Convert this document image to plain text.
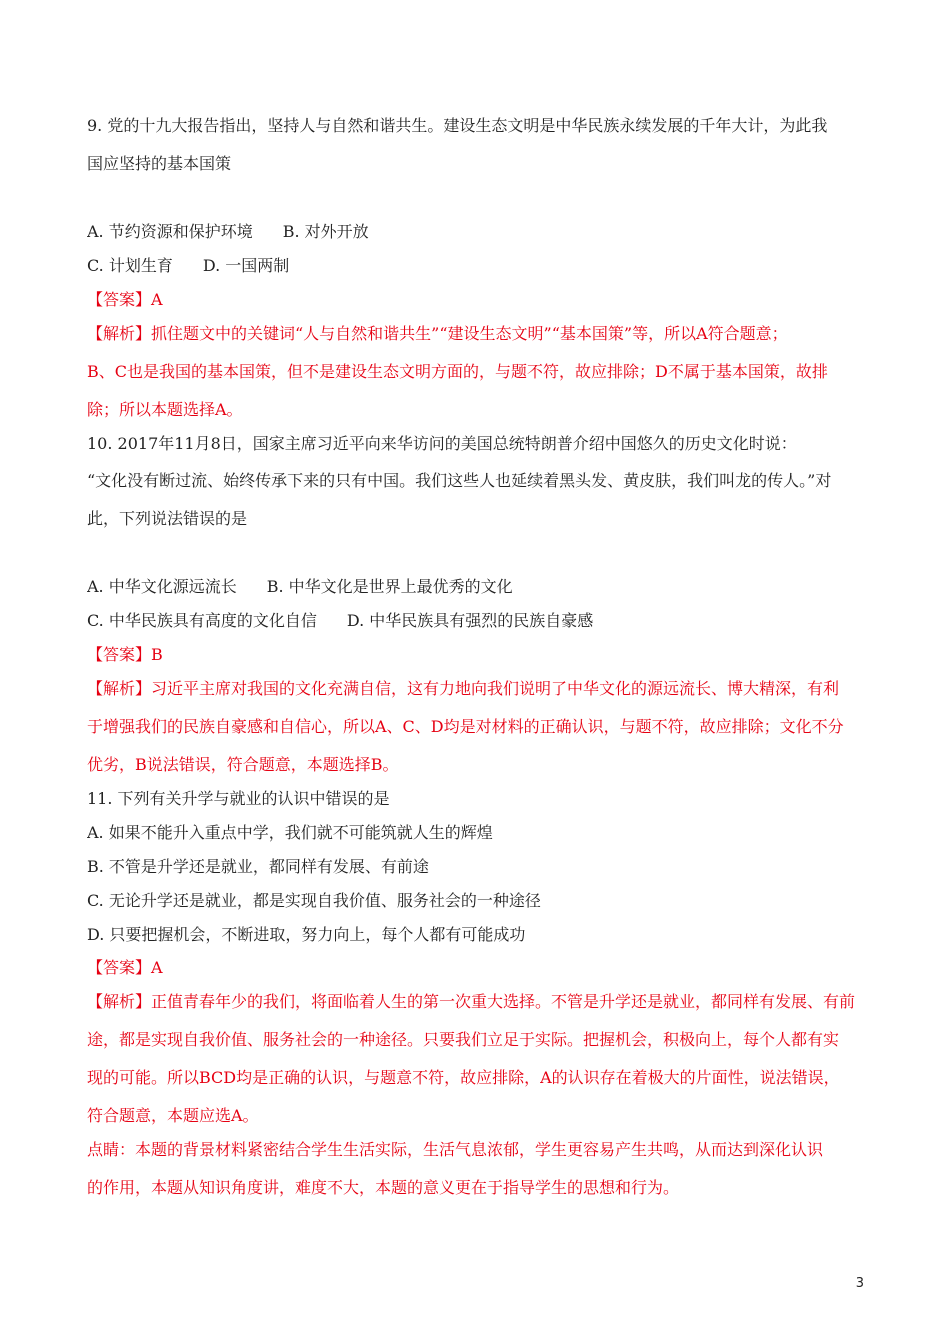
9. 党的十九大报告指出，坚持人与自然和谐共生。建设生态文明是中华民族永续发展的千年大计，为此我
国应坚持的基本国策
A. 节约资源和保护环境 B. 对外开放
C. 计划生育 D. 一国两制
【答案】A
【解析】抓住题文中的关键词“人与自然和谐共生”“建设生态文明”“基本国策”等，所以A符合题意；
B、C也是我国的基本国策，但不是建设生态文明方面的，与题不符，故应排除；D不属于基本国策，故排
除；所以本题选择A。
10. 2017年11月8日，国家主席习近平向来华访问的美国总统特朗普介绍中国悠久的历史文化时说：
“文化没有断过流、始终传承下来的只有中国。我们这些人也延续着黑头发、黄皮肤，我们叫龙的传人。”对
此，下列说法错误的是
A. 中华文化源远流长 B. 中华文化是世界上最优秀的文化
C. 中华民族具有高度的文化自信 D. 中华民族具有强烈的民族自豪感
【答案】B
【解析】习近平主席对我国的文化充满自信，这有力地向我们说明了中华文化的源远流长、博大精深，有利
于增强我们的民族自豪感和自信心，所以A、C、D均是对材料的正确认识，与题不符，故应排除；文化不分
优劣，B说法错误，符合题意，本题选择B。
11. 下列有关升学与就业的认识中错误的是
A. 如果不能升入重点中学，我们就不可能筑就人生的辉煌
B. 不管是升学还是就业，都同样有发展、有前途
C. 无论升学还是就业，都是实现自我价值、服务社会的一种途径
D. 只要把握机会，不断进取，努力向上，每个人都有可能成功
【答案】A
【解析】正值青春年少的我们，将面临着人生的第一次重大选择。不管是升学还是就业，都同样有发展、有前
途，都是实现自我价值、服务社会的一种途径。只要我们立足于实际。把握机会，积极向上，每个人都有实
现的可能。所以BCD均是正确的认识，与题意不符，故应排除，A的认识存在着极大的片面性，说法错误，
符合题意，本题应选A。
点睛：本题的背景材料紧密结合学生生活实际，生活气息浓郁，学生更容易产生共鸣，从而达到深化认识
的作用，本题从知识角度讲，难度不大，本题的意义更在于指导学生的思想和行为。
3
